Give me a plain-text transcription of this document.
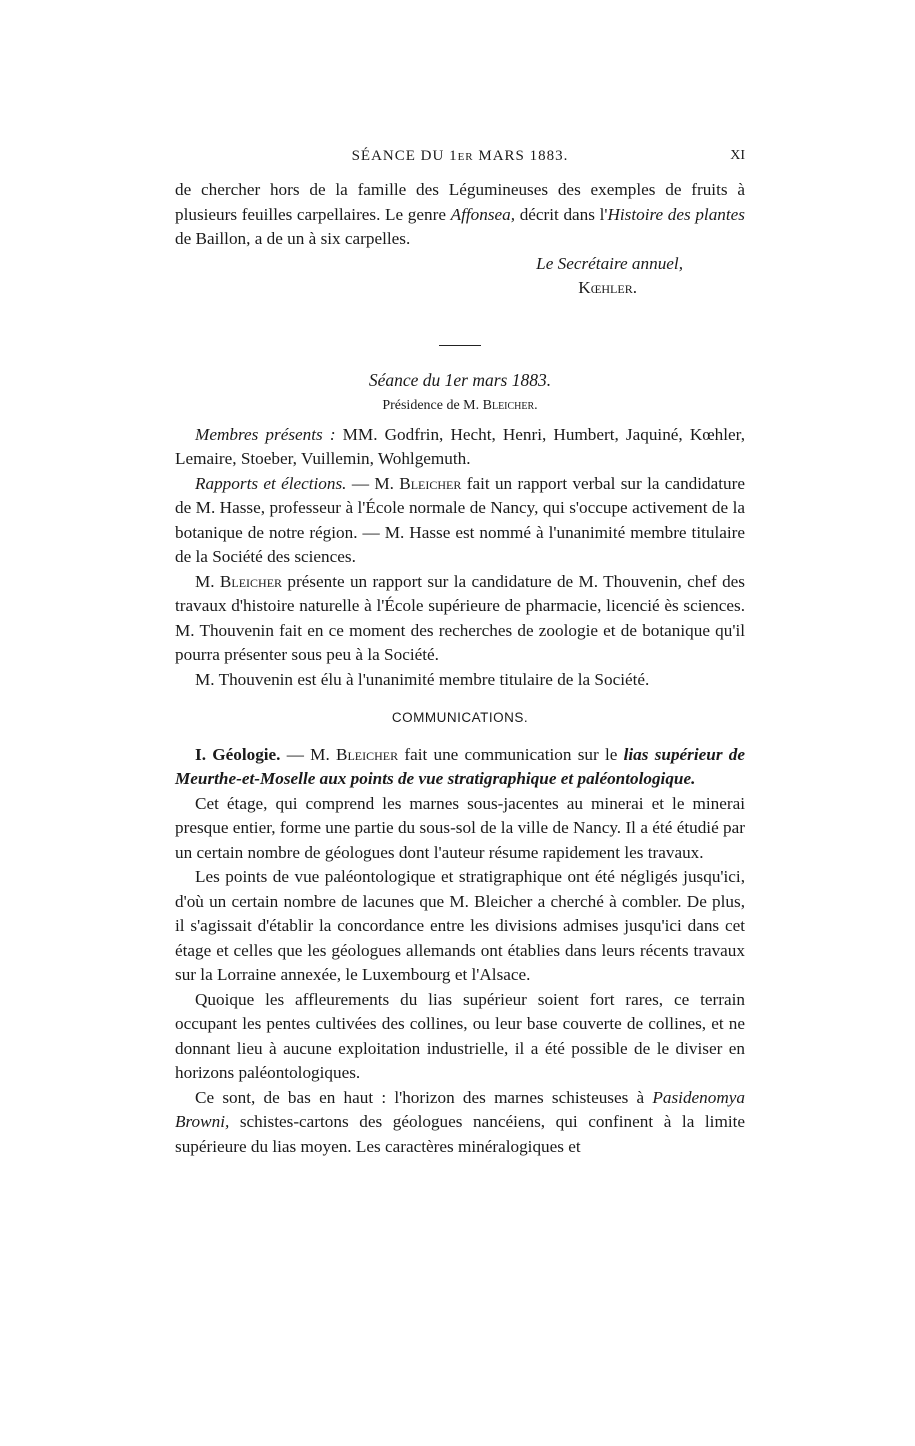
SÉANCE DU 1er MARS 1883.	XI

de chercher hors de la famille des Légumineuses des exemples de fruits à plusieurs feuilles carpellaires. Le genre Affonsea, décrit dans l'Histoire des plantes de Baillon, a de un à six carpelles.

Le Secrétaire annuel,

Kœhler.

Séance du 1er mars 1883.

Présidence de M. Bleicher.

Membres présents : MM. Godfrin, Hecht, Henri, Humbert, Jaquiné, Kœhler, Lemaire, Stoeber, Vuillemin, Wohlgemuth.

Rapports et élections. — M. Bleicher fait un rapport verbal sur la candidature de M. Hasse, professeur à l'École normale de Nancy, qui s'occupe activement de la botanique de notre région. — M. Hasse est nommé à l'unanimité membre titulaire de la Société des sciences.

M. Bleicher présente un rapport sur la candidature de M. Thouvenin, chef des travaux d'histoire naturelle à l'École supérieure de pharmacie, licencié ès sciences. M. Thouvenin fait en ce moment des recherches de zoologie et de botanique qu'il pourra présenter sous peu à la Société.

M. Thouvenin est élu à l'unanimité membre titulaire de la Société.

COMMUNICATIONS.

I. Géologie. — M. Bleicher fait une communication sur le lias supérieur de Meurthe-et-Moselle aux points de vue stratigraphique et paléontologique.

Cet étage, qui comprend les marnes sous-jacentes au minerai et le minerai presque entier, forme une partie du sous-sol de la ville de Nancy. Il a été étudié par un certain nombre de géologues dont l'auteur résume rapidement les travaux.

Les points de vue paléontologique et stratigraphique ont été négligés jusqu'ici, d'où un certain nombre de lacunes que M. Bleicher a cherché à combler. De plus, il s'agissait d'établir la concordance entre les divisions admises jusqu'ici dans cet étage et celles que les géologues allemands ont établies dans leurs récents travaux sur la Lorraine annexée, le Luxembourg et l'Alsace.

Quoique les affleurements du lias supérieur soient fort rares, ce terrain occupant les pentes cultivées des collines, ou leur base couverte de collines, et ne donnant lieu à aucune exploitation industrielle, il a été possible de le diviser en horizons paléontologiques.

Ce sont, de bas en haut : l'horizon des marnes schisteuses à Pasidenomya Browni, schistes-cartons des géologues nancéiens, qui confinent à la limite supérieure du lias moyen. Les caractères minéralogiques et
